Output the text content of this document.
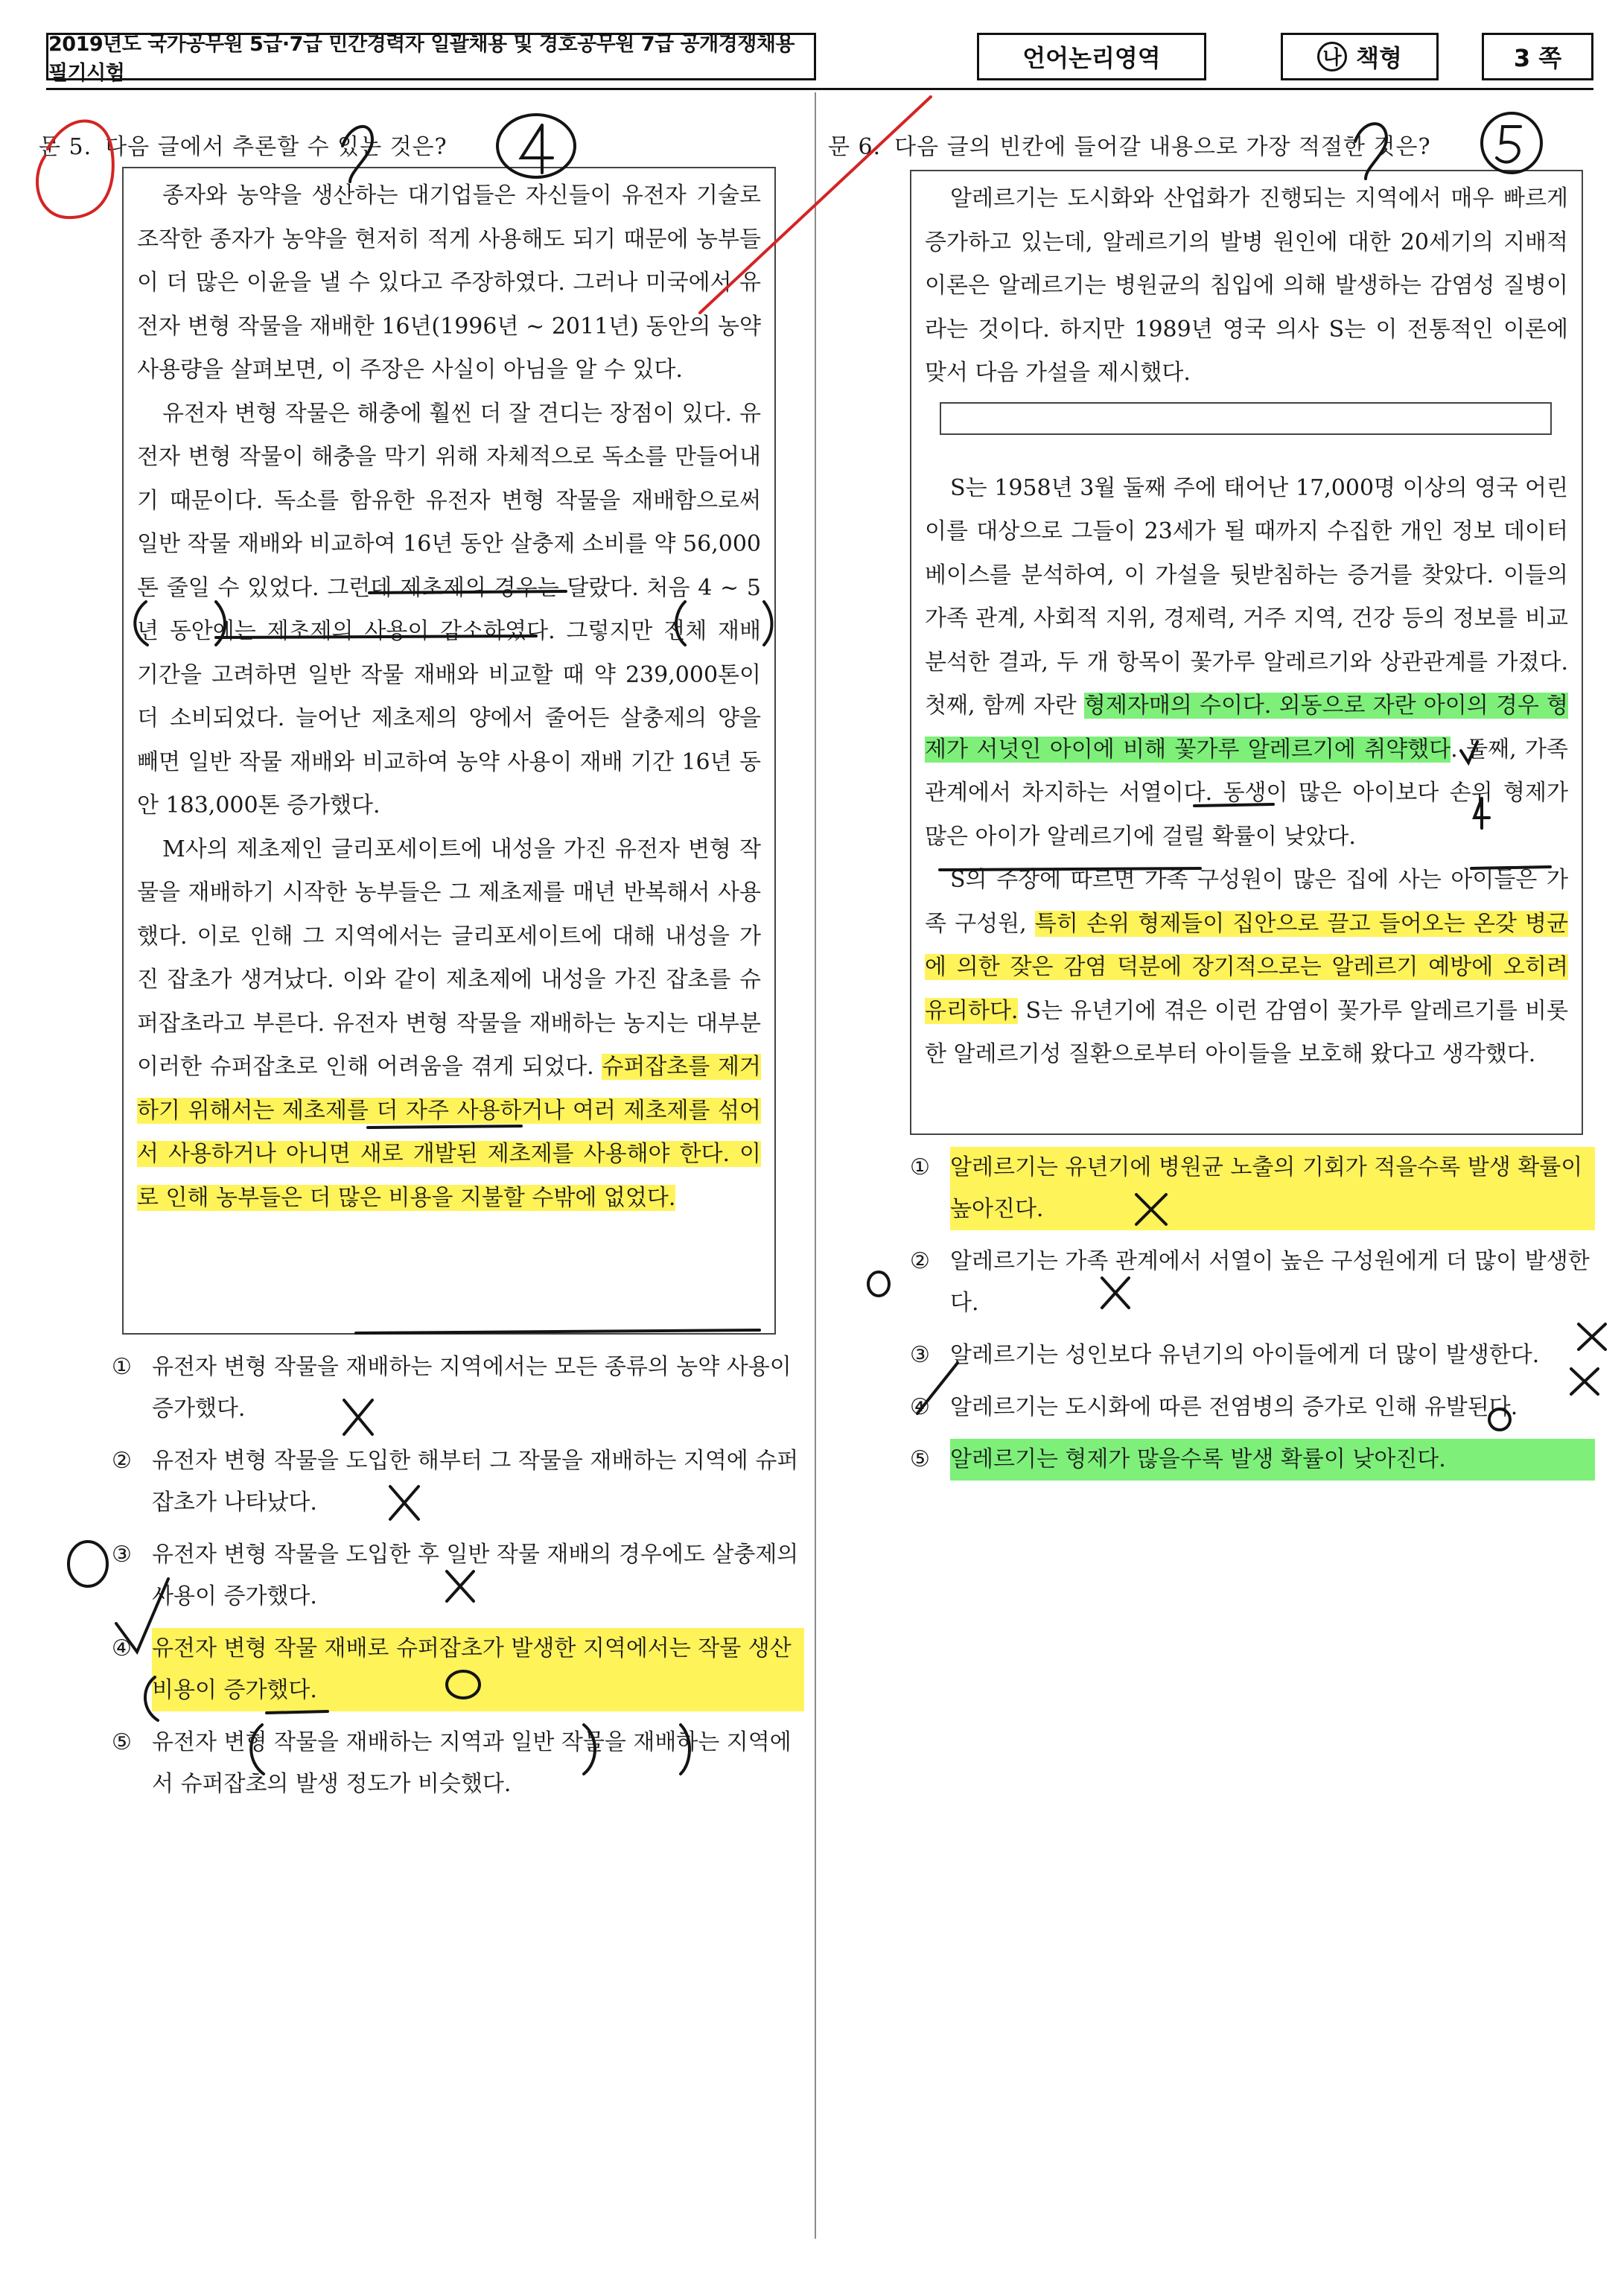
2019년도 국가공무원 5급·7급 민간경력자 일괄채용 및 경호공무원 7급 공개경쟁채용 필기시험
언어논리영역	나 책형	3 쪽
문 5. 다음 글에서 추론할 수 있는 것은?

종자와 농약을 생산하는 대기업들은 자신들이 유전자 기술로 조작한 종자가 농약을 현저히 적게 사용해도 되기 때문에 농부들이 더 많은 이윤을 낼 수 있다고 주장하였다. 그러나 미국에서 유전자 변형 작물을 재배한 16년(1996년 ~ 2011년) 동안의 농약 사용량을 살펴보면, 이 주장은 사실이 아님을 알 수 있다.

유전자 변형 작물은 해충에 훨씬 더 잘 견디는 장점이 있다. 유전자 변형 작물이 해충을 막기 위해 자체적으로 독소를 만들어내기 때문이다. 독소를 함유한 유전자 변형 작물을 재배함으로써 일반 작물 재배와 비교하여 16년 동안 살충제 소비를 약 56,000톤 줄일 수 있었다. 그런데 제초제의 경우는 달랐다. 처음 4 ~ 5년 동안에는 제초제의 사용이 감소하였다. 그렇지만 전체 재배 기간을 고려하면 일반 작물 재배와 비교할 때 약 239,000톤이 더 소비되었다. 늘어난 제초제의 양에서 줄어든 살충제의 양을 빼면 일반 작물 재배와 비교하여 농약 사용이 재배 기간 16년 동안 183,000톤 증가했다.

M사의 제초제인 글리포세이트에 내성을 가진 유전자 변형 작물을 재배하기 시작한 농부들은 그 제초제를 매년 반복해서 사용했다. 이로 인해 그 지역에서는 글리포세이트에 대해 내성을 가진 잡초가 생겨났다. 이와 같이 제초제에 내성을 가진 잡초를 슈퍼잡초라고 부른다. 유전자 변형 작물을 재배하는 농지는 대부분 이러한 슈퍼잡초로 인해 어려움을 겪게 되었다. 슈퍼잡초를 제거하기 위해서는 제초제를 더 자주 사용하거나 여러 제초제를 섞어서 사용하거나 아니면 새로 개발된 제초제를 사용해야 한다. 이로 인해 농부들은 더 많은 비용을 지불할 수밖에 없었다.

① 유전자 변형 작물을 재배하는 지역에서는 모든 종류의 농약 사용이 증가했다.
② 유전자 변형 작물을 도입한 해부터 그 작물을 재배하는 지역에 슈퍼잡초가 나타났다.
③ 유전자 변형 작물을 도입한 후 일반 작물 재배의 경우에도 살충제의 사용이 증가했다.
④ 유전자 변형 작물 재배로 슈퍼잡초가 발생한 지역에서는 작물 생산 비용이 증가했다.
⑤ 유전자 변형 작물을 재배하는 지역과 일반 작물을 재배하는 지역에서 슈퍼잡초의 발생 정도가 비슷했다.
문 6. 다음 글의 빈칸에 들어갈 내용으로 가장 적절한 것은?

알레르기는 도시화와 산업화가 진행되는 지역에서 매우 빠르게 증가하고 있는데, 알레르기의 발병 원인에 대한 20세기의 지배적 이론은 알레르기는 병원균의 침입에 의해 발생하는 감염성 질병이라는 것이다. 하지만 1989년 영국 의사 S는 이 전통적인 이론에 맞서 다음 가설을 제시했다.

S는 1958년 3월 둘째 주에 태어난 17,000명 이상의 영국 어린이를 대상으로 그들이 23세가 될 때까지 수집한 개인 정보 데이터베이스를 분석하여, 이 가설을 뒷받침하는 증거를 찾았다. 이들의 가족 관계, 사회적 지위, 경제력, 거주 지역, 건강 등의 정보를 비교 분석한 결과, 두 개 항목이 꽃가루 알레르기와 상관관계를 가졌다. 첫째, 함께 자란 형제자매의 수이다. 외동으로 자란 아이의 경우 형제가 서넛인 아이에 비해 꽃가루 알레르기에 취약했다. 둘째, 가족 관계에서 차지하는 서열이다. 동생이 많은 아이보다 손위 형제가 많은 아이가 알레르기에 걸릴 확률이 낮았다.

S의 주장에 따르면 가족 구성원이 많은 집에 사는 아이들은 가족 구성원, 특히 손위 형제들이 집안으로 끌고 들어오는 온갖 병균에 의한 잦은 감염 덕분에 장기적으로는 알레르기 예방에 오히려 유리하다. S는 유년기에 겪은 이런 감염이 꽃가루 알레르기를 비롯한 알레르기성 질환으로부터 아이들을 보호해 왔다고 생각했다.

① 알레르기는 유년기에 병원균 노출의 기회가 적을수록 발생 확률이 높아진다.
② 알레르기는 가족 관계에서 서열이 높은 구성원에게 더 많이 발생한다.
③ 알레르기는 성인보다 유년기의 아이들에게 더 많이 발생한다.
④ 알레르기는 도시화에 따른 전염병의 증가로 인해 유발된다.
⑤ 알레르기는 형제가 많을수록 발생 확률이 낮아진다.
